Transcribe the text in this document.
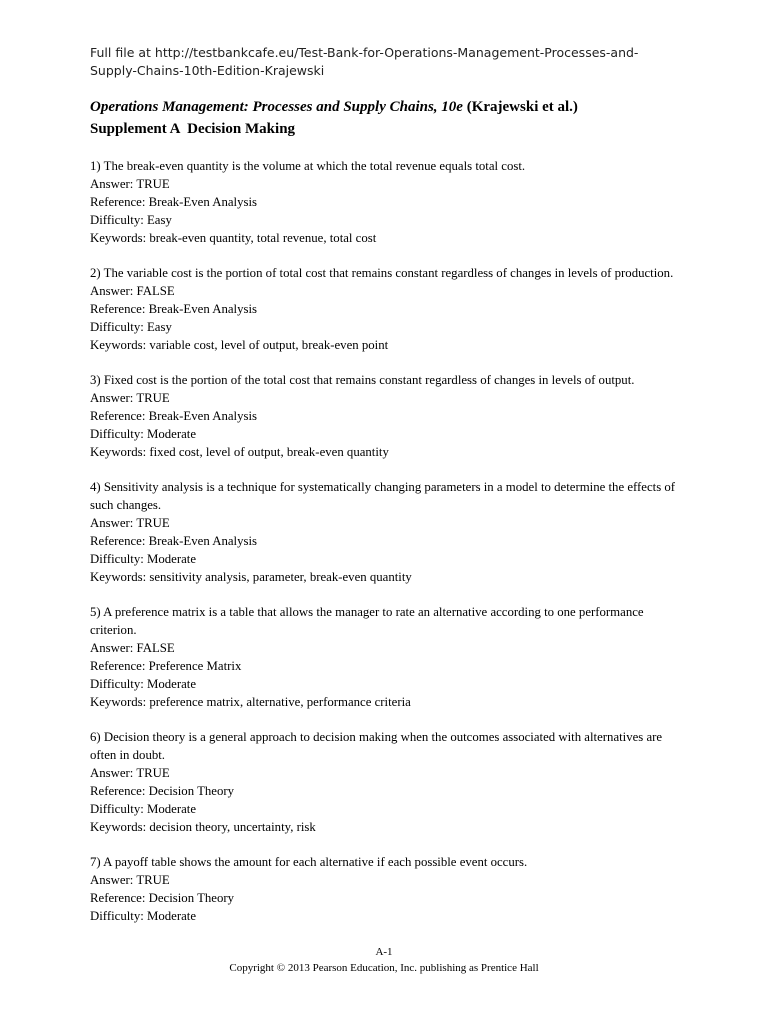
Full file at http://testbankcafe.eu/Test-Bank-for-Operations-Management-Processes-and-
Supply-Chains-10th-Edition-Krajewski
Operations Management: Processes and Supply Chains, 10e (Krajewski et al.)
Supplement A  Decision Making

1) The break-even quantity is the volume at which the total revenue equals total cost.

Answer: TRUE

Reference: Break-Even Analysis

Difficulty: Easy

Keywords: break-even quantity, total revenue, total cost

2) The variable cost is the portion of total cost that remains constant regardless of changes in levels of production.

Answer: FALSE

Reference: Break-Even Analysis

Difficulty: Easy

Keywords: variable cost, level of output, break-even point

3) Fixed cost is the portion of the total cost that remains constant regardless of changes in levels of output.

Answer: TRUE

Reference: Break-Even Analysis

Difficulty: Moderate

Keywords: fixed cost, level of output, break-even quantity

4) Sensitivity analysis is a technique for systematically changing parameters in a model to determine the effects of such changes.

Answer: TRUE

Reference: Break-Even Analysis

Difficulty: Moderate

Keywords: sensitivity analysis, parameter, break-even quantity

5) A preference matrix is a table that allows the manager to rate an alternative according to one performance criterion.

Answer: FALSE

Reference: Preference Matrix

Difficulty: Moderate

Keywords: preference matrix, alternative, performance criteria

6) Decision theory is a general approach to decision making when the outcomes associated with alternatives are often in doubt.

Answer: TRUE

Reference: Decision Theory

Difficulty: Moderate

Keywords: decision theory, uncertainty, risk

7) A payoff table shows the amount for each alternative if each possible event occurs.

Answer: TRUE

Reference: Decision Theory

Difficulty: Moderate

A-1
Copyright © 2013 Pearson Education, Inc. publishing as Prentice Hall
